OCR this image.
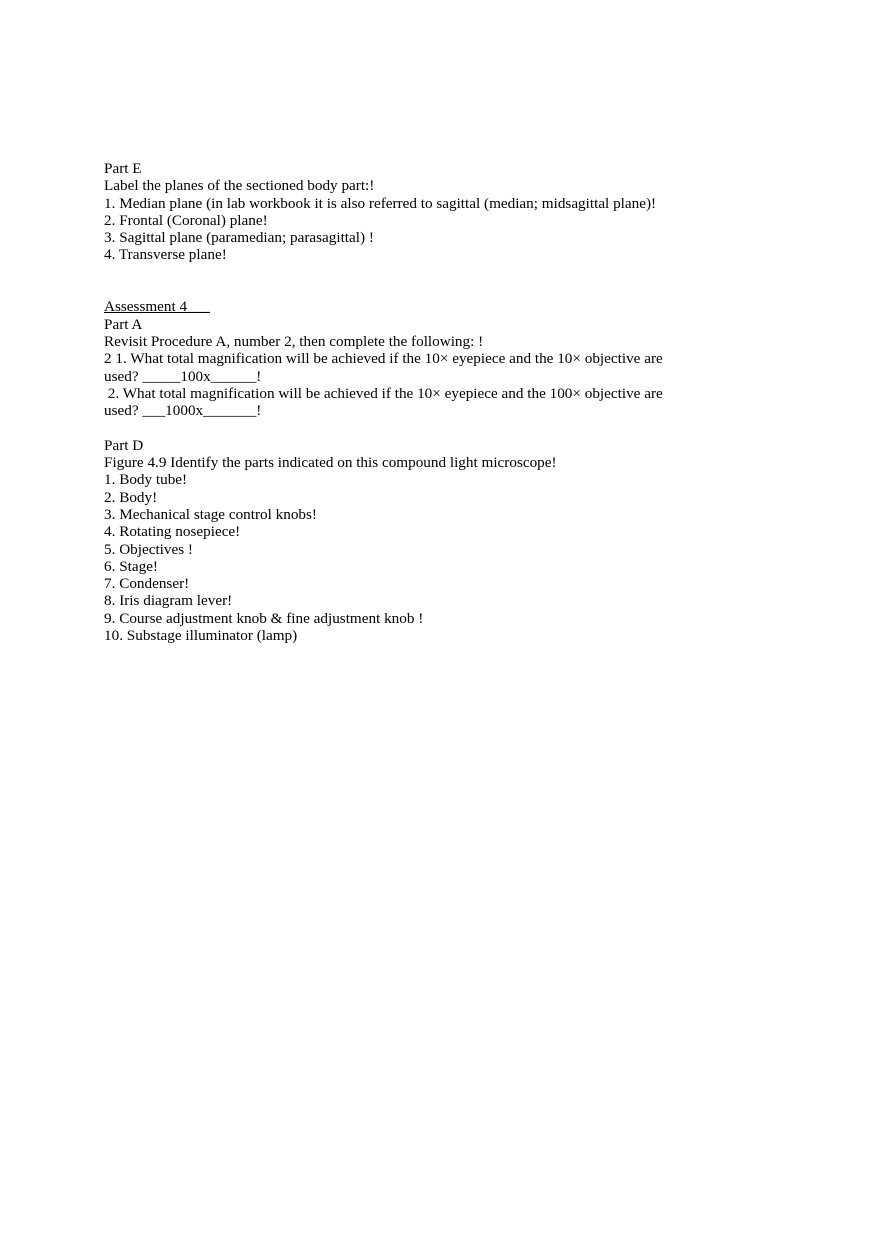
Part E

Label the planes of the sectioned body part:!

1. Median plane (in lab workbook it is also referred to sagittal (median; midsagittal plane)!

2. Frontal (Coronal) plane!

3. Sagittal plane (paramedian; parasagittal) !

4. Transverse plane!

Assessment 4___

Part A

Revisit Procedure A, number 2, then complete the following: !

2 1. What total magnification will be achieved if the 10× eyepiece and the 10× objective are

used? _____100x______!

2. What total magnification will be achieved if the 10× eyepiece and the 100× objective are

used? ___1000x_______!

Part D

Figure 4.9 Identify the parts indicated on this compound light microscope!

1. Body tube!

2. Body!

3. Mechanical stage control knobs!

4. Rotating nosepiece!

5. Objectives !

6. Stage!

7. Condenser!

8. Iris diagram lever!

9. Course adjustment knob & fine adjustment knob !

10. Substage illuminator (lamp)
